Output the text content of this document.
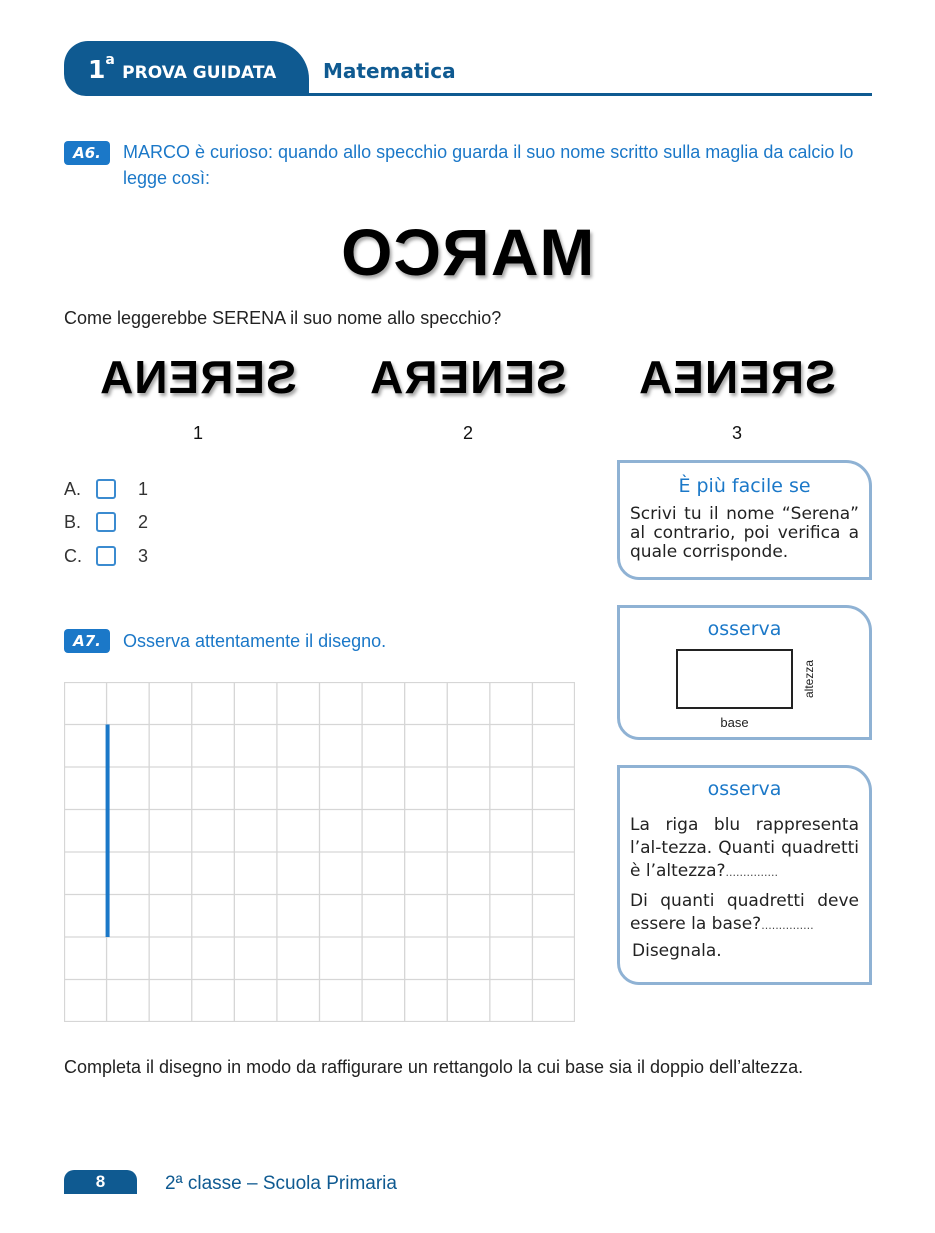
1$^a$ PROVA GUIDATA Matematica
A6.	MARCO è curioso: quando allo specchio guarda il suo nome scritto sulla maglia da calcio lo legge così:
MARCO
Come leggerebbe SERENA il suo nome allo specchio?
SERENA SENERA SRENEA
1	2	3
A.	1
B.	2
C.	3
È più facile se
Scrivi tu il nome “Serena” al contrario, poi verifica a quale corrisponde.
osserva
base
altezza
osserva
La riga blu rappresenta l’al-tezza. Quanti quadretti è l’altezza?...............
Di quanti quadretti deve essere la base?...............
Disegnala.
A7.	Osserva attentamente il disegno.
Completa il disegno in modo da raffigurare un rettangolo la cui base sia il doppio dell’altezza.
8	2ª classe – Scuola Primaria
